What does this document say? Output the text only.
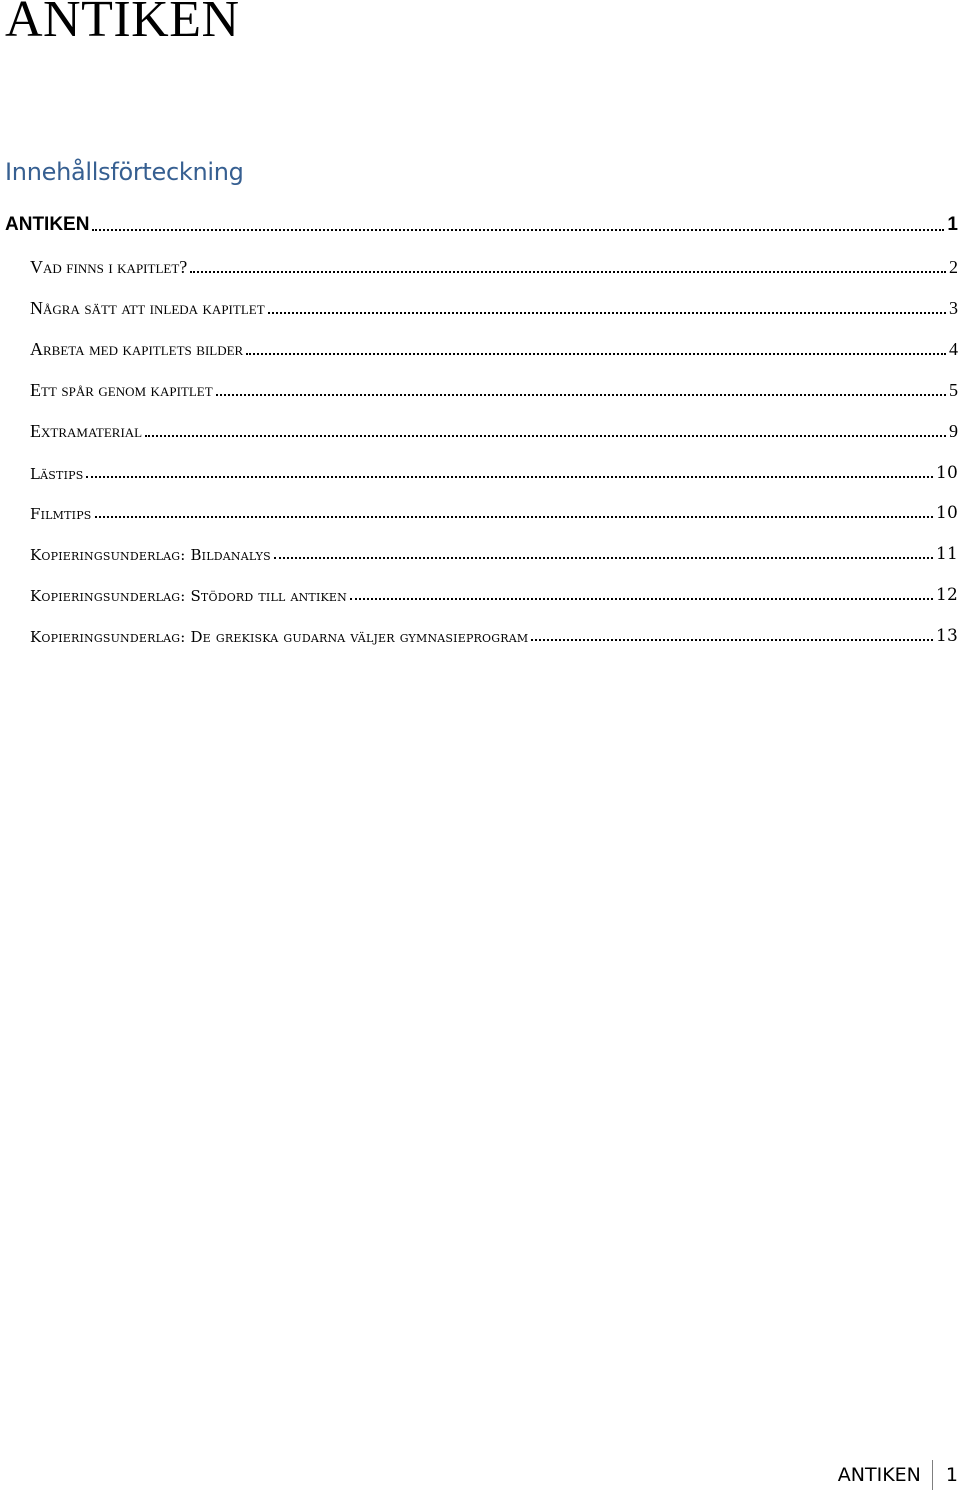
ANTIKEN
Innehållsförteckning
ANTIKEN	1
Vad finns i kapitlet?	2
Några sätt att inleda kapitlet	3
Arbeta med kapitlets bilder	4
Ett spår genom kapitlet	5
Extramaterial	9
Lästips	10
Filmtips	10
Kopieringsunderlag: Bildanalys	11
Kopieringsunderlag: Stödord till antiken	12
Kopieringsunderlag: De grekiska gudarna väljer gymnasieprogram	13
ANTIKEN	1
